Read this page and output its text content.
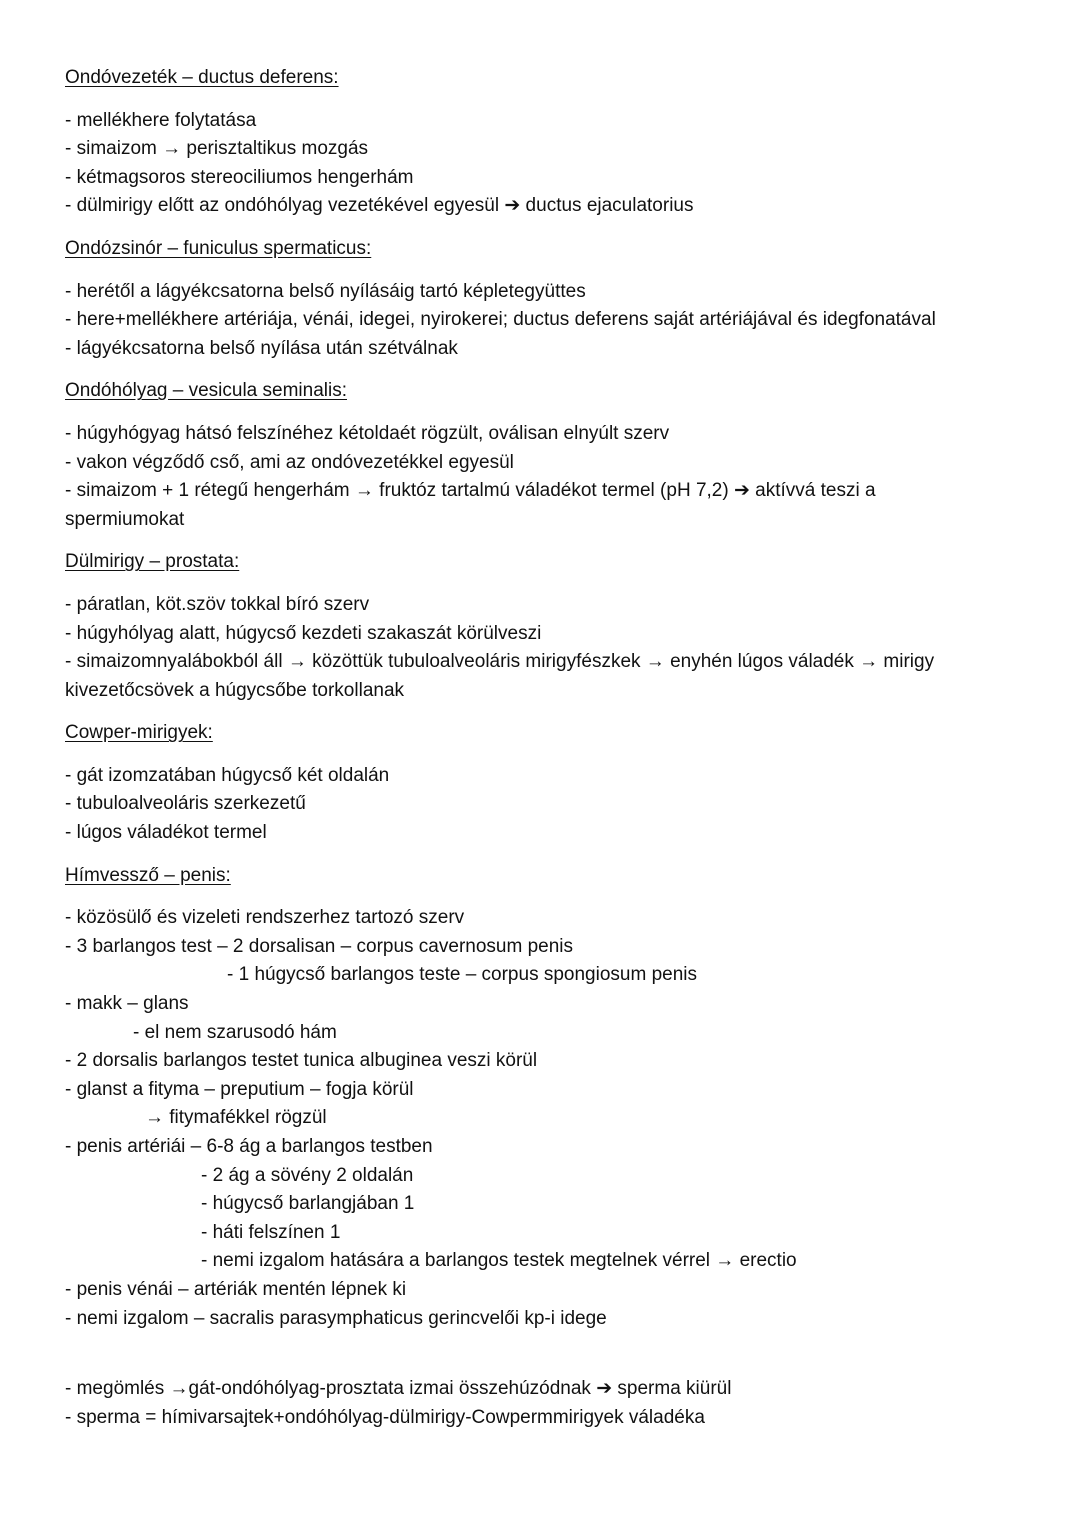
Ondóvezeték – ductus deferens:
- mellékhere folytatása
- simaizom → perisztaltikus mozgás
- kétmagsoros stereociliumos hengerhám
- dülmirigy előtt az ondóhólyag vezetékével egyesül ➔ ductus ejaculatorius
Ondózsinór – funiculus spermaticus:
- herétől a lágyékcsatorna belső nyílásáig tartó képletegyüttes
- here+mellékhere artériája, vénái, idegei, nyirokerei; ductus deferens saját artériájával és idegfonatával
- lágyékcsatorna belső nyílása után szétválnak
Ondóhólyag – vesicula seminalis:
- húgyhógyag hátsó felszínéhez kétoldaét rögzült, oválisan elnyúlt szerv
- vakon végződő cső, ami az ondóvezetékkel egyesül
- simaizom + 1 rétegű hengerhám → fruktóz tartalmú váladékot termel (pH 7,2) ➔ aktívvá teszi a spermiumokat
Dülmirigy – prostata:
- páratlan, köt.szöv tokkal bíró szerv
- húgyhólyag alatt, húgycső kezdeti szakaszát körülveszi
- simaizomnyalábokból áll → közöttük tubuloalveoláris mirigyfészkek → enyhén lúgos váladék → mirigy kivezetőcsövek a húgycsőbe torkollanak
Cowper-mirigyek:
- gát izomzatában húgycső két oldalán
- tubuloalveoláris szerkezetű
- lúgos váladékot termel
Hímvessző – penis:
- közösülő és vizeleti rendszerhez tartozó szerv
- 3 barlangos test – 2 dorsalisan – corpus cavernosum penis
- 1 húgycső barlangos teste – corpus spongiosum penis
- makk – glans
- el nem szarusodó hám
- 2 dorsalis barlangos testet tunica albuginea veszi körül
- glanst a fityma – preputium – fogja körül
→ fitymafékkel rögzül
- penis artériái – 6-8 ág a barlangos testben
- 2 ág a sövény 2 oldalán
- húgycső barlangjában 1
- háti felszínen 1
- nemi izgalom hatására a barlangos testek megtelnek vérrel → erectio
- penis vénái – artériák mentén lépnek ki
- nemi izgalom – sacralis parasymphaticus gerincvelői kp-i idege
- megömlés →gát-ondóhólyag-prosztata izmai összehúzódnak ➔ sperma kiürül
- sperma = hímivarsajtek+ondóhólyag-dülmirigy-Cowpermmirigyek váladéka
